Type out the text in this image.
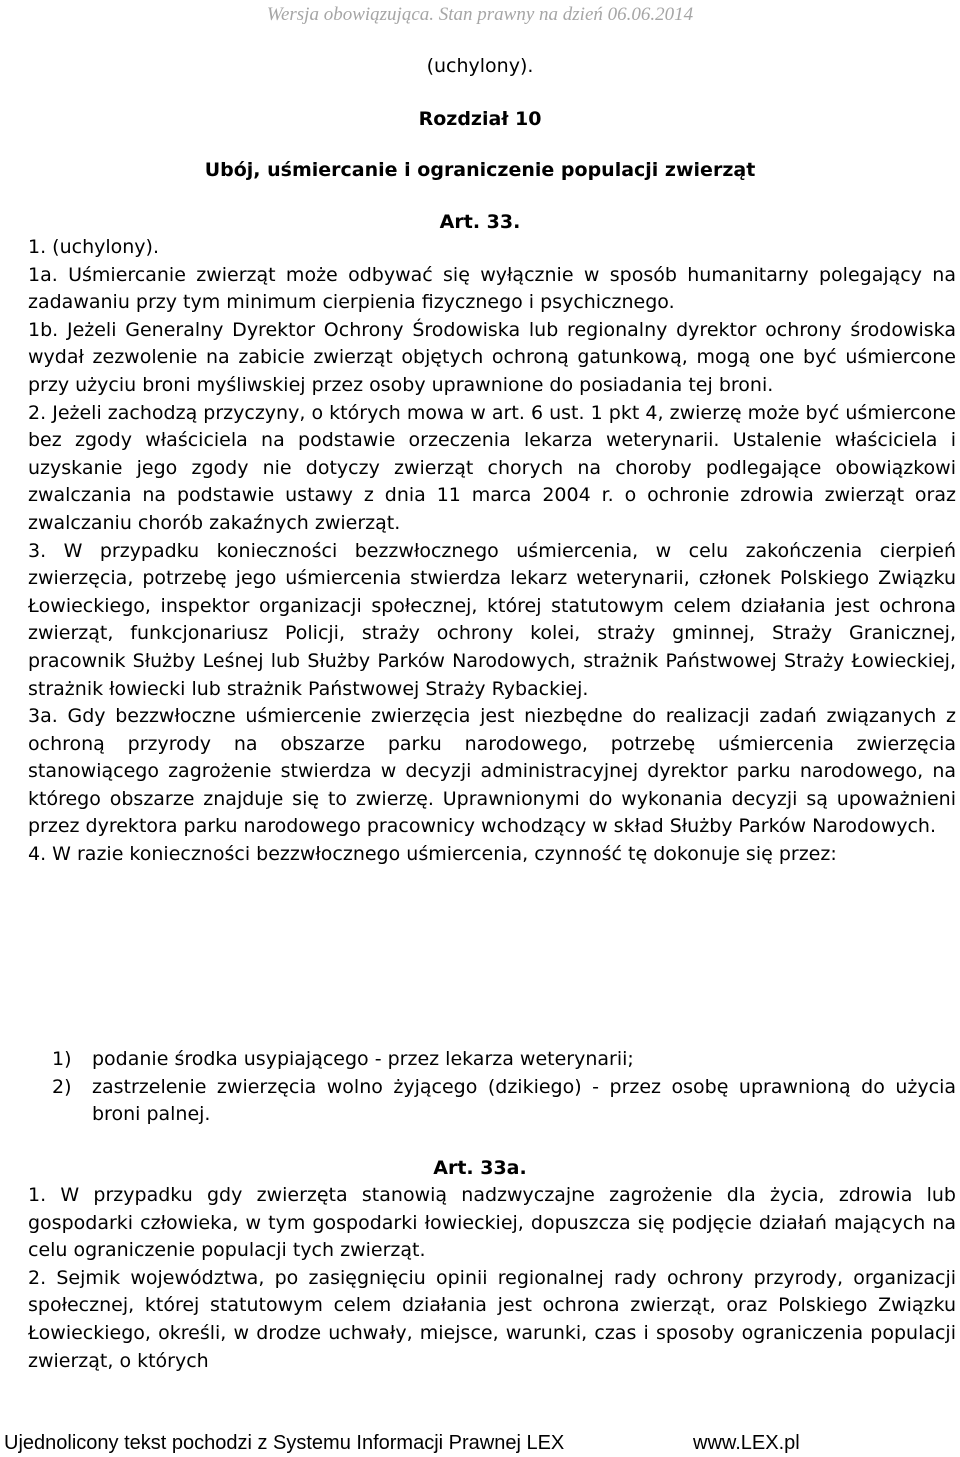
Wersja obowiązująca. Stan prawny na dzień 06.06.2014
(uchylony).
Rozdział 10
Ubój, uśmiercanie i ograniczenie populacji zwierząt
Art. 33.
1. (uchylony).
1a. Uśmiercanie zwierząt może odbywać się wyłącznie w sposób humanitarny polegający na zadawaniu przy tym minimum cierpienia fizycznego i psychicznego.
1b. Jeżeli Generalny Dyrektor Ochrony Środowiska lub regionalny dyrektor ochrony środowiska wydał zezwolenie na zabicie zwierząt objętych ochroną gatunkową, mogą one być uśmiercone przy użyciu broni myśliwskiej przez osoby uprawnione do posiadania tej broni.
2. Jeżeli zachodzą przyczyny, o których mowa w art. 6 ust. 1 pkt 4, zwierzę może być uśmiercone bez zgody właściciela na podstawie orzeczenia lekarza weterynarii. Ustalenie właściciela i uzyskanie jego zgody nie dotyczy zwierząt chorych na choroby podlegające obowiązkowi zwalczania na podstawie ustawy z dnia 11 marca 2004 r. o ochronie zdrowia zwierząt oraz zwalczaniu chorób zakaźnych zwierząt.
3. W przypadku konieczności bezzwłocznego uśmiercenia, w celu zakończenia cierpień zwierzęcia, potrzebę jego uśmiercenia stwierdza lekarz weterynarii, członek Polskiego Związku Łowieckiego, inspektor organizacji społecznej, której statutowym celem działania jest ochrona zwierząt, funkcjonariusz Policji, straży ochrony kolei, straży gminnej, Straży Granicznej, pracownik Służby Leśnej lub Służby Parków Narodowych, strażnik Państwowej Straży Łowieckiej, strażnik łowiecki lub strażnik Państwowej Straży Rybackiej.
3a. Gdy bezzwłoczne uśmiercenie zwierzęcia jest niezbędne do realizacji zadań związanych z ochroną przyrody na obszarze parku narodowego, potrzebę uśmiercenia zwierzęcia stanowiącego zagrożenie stwierdza w decyzji administracyjnej dyrektor parku narodowego, na którego obszarze znajduje się to zwierzę. Uprawnionymi do wykonania decyzji są upoważnieni przez dyrektora parku narodowego pracownicy wchodzący w skład Służby Parków Narodowych.
4. W razie konieczności bezzwłocznego uśmiercenia, czynność tę dokonuje się przez:
1)	podanie środka usypiającego - przez lekarza weterynarii;
2)	zastrzelenie zwierzęcia wolno żyjącego (dzikiego) - przez osobę uprawnioną do użycia broni palnej.
Art. 33a.
1. W przypadku gdy zwierzęta stanowią nadzwyczajne zagrożenie dla życia, zdrowia lub gospodarki człowieka, w tym gospodarki łowieckiej, dopuszcza się podjęcie działań mających na celu ograniczenie populacji tych zwierząt.
2. Sejmik województwa, po zasięgnięciu opinii regionalnej rady ochrony przyrody, organizacji społecznej, której statutowym celem działania jest ochrona zwierząt, oraz Polskiego Związku Łowieckiego, określi, w drodze uchwały, miejsce, warunki, czas i sposoby ograniczenia populacji zwierząt, o których
Ujednolicony tekst pochodzi z Systemu Informacji Prawnej LEX	www.LEX.pl
